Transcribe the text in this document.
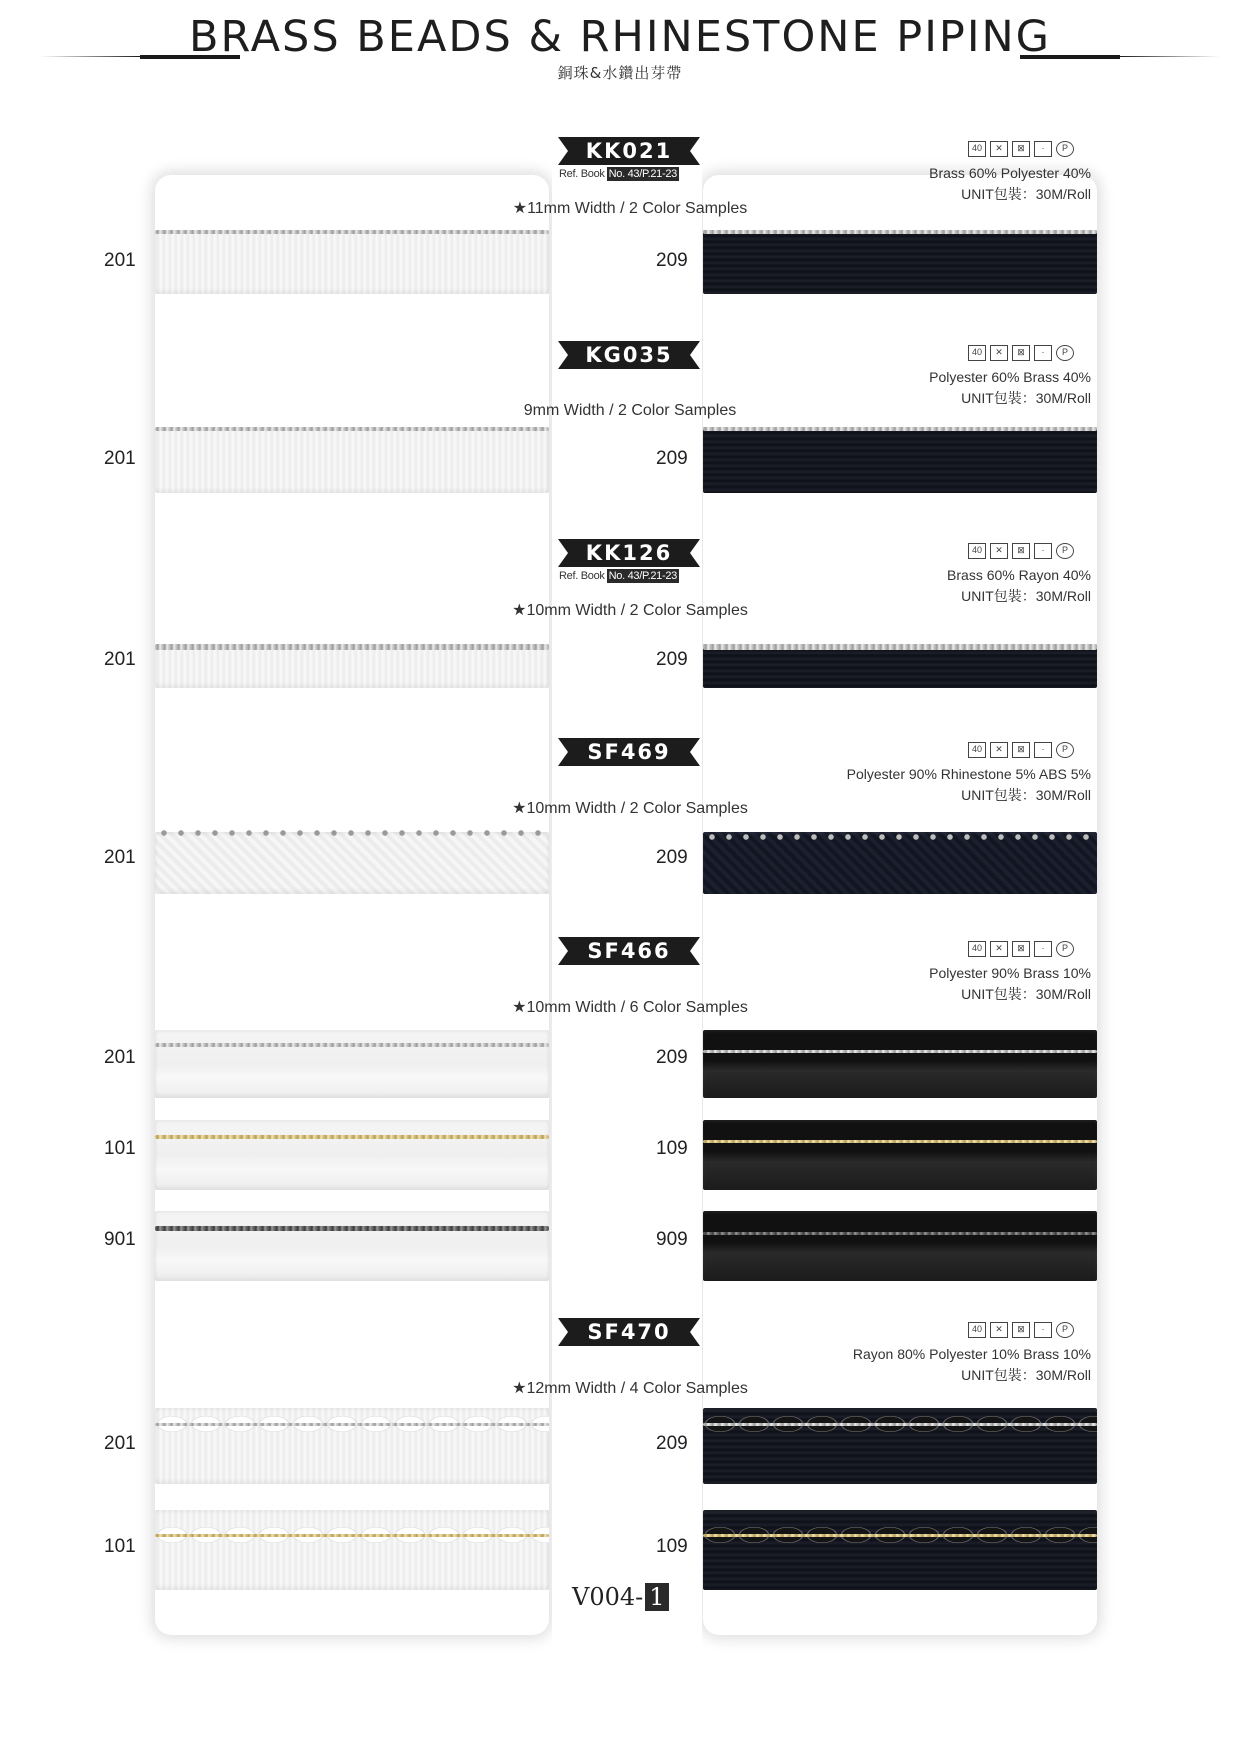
BRASS BEADS & RHINESTONE PIPING
銅珠&水鑽出芽帶
KK021
Ref. Book No. 43/P.21-23
★11mm Width / 2 Color Samples
40 ✕ ⊠ · P
Brass 60% Polyester 40%
UNIT包裝：30M/Roll
201	209
KG035
9mm Width / 2 Color Samples
40 ✕ ⊠ · P
Polyester 60% Brass 40%
UNIT包裝：30M/Roll
201	209
KK126
Ref. Book No. 43/P.21-23
★10mm Width / 2 Color Samples
40 ✕ ⊠ · P
Brass 60% Rayon 40%
UNIT包裝：30M/Roll
201	209
SF469
★10mm Width / 2 Color Samples
40 ✕ ⊠ · P
Polyester 90% Rhinestone 5% ABS 5%
UNIT包裝：30M/Roll
201	209
SF466
★10mm Width / 6 Color Samples
40 ✕ ⊠ · P
Polyester 90% Brass 10%
UNIT包裝：30M/Roll
201	209
101	109
901	909
SF470
★12mm Width / 4 Color Samples
40 ✕ ⊠ · P
Rayon 80% Polyester 10% Brass 10%
UNIT包裝：30M/Roll
201	209
101	109
V004- 1
